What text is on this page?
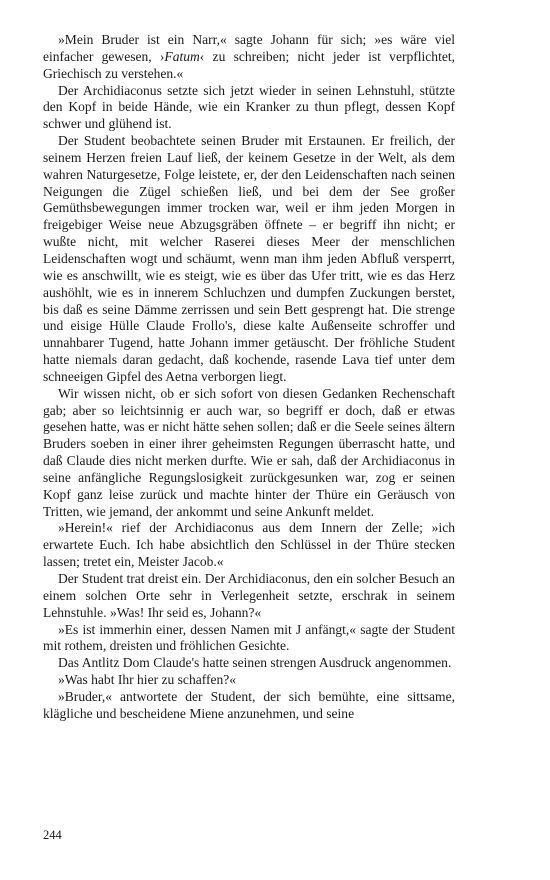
»Mein Bruder ist ein Narr,« sagte Johann für sich; »es wäre viel einfacher gewesen, ›Fatum‹ zu schreiben; nicht jeder ist verpflichtet, Griechisch zu verstehen.«

Der Archidiaconus setzte sich jetzt wieder in seinen Lehnstuhl, stützte den Kopf in beide Hände, wie ein Kranker zu thun pflegt, dessen Kopf schwer und glühend ist.

Der Student beobachtete seinen Bruder mit Erstaunen. Er freilich, der seinem Herzen freien Lauf ließ, der keinem Gesetze in der Welt, als dem wahren Naturgesetze, Folge leistete, er, der den Leidenschaften nach seinen Neigungen die Zügel schießen ließ, und bei dem der See großer Gemüthsbewegungen immer trocken war, weil er ihm jeden Morgen in freigebiger Weise neue Abzugsgräben öffnete – er begriff ihn nicht; er wußte nicht, mit welcher Raserei dieses Meer der menschlichen Leidenschaften wogt und schäumt, wenn man ihm jeden Abfluß versperrt, wie es anschwillt, wie es steigt, wie es über das Ufer tritt, wie es das Herz aushöhlt, wie es in innerem Schluchzen und dumpfen Zuckungen berstet, bis daß es seine Dämme zerrissen und sein Bett gesprengt hat. Die strenge und eisige Hülle Claude Frollo's, diese kalte Außenseite schroffer und unnahbarer Tugend, hatte Johann immer getäuscht. Der fröhliche Student hatte niemals daran gedacht, daß kochende, rasende Lava tief unter dem schneeigen Gipfel des Aetna verborgen liegt.

Wir wissen nicht, ob er sich sofort von diesen Gedanken Rechenschaft gab; aber so leichtsinnig er auch war, so begriff er doch, daß er etwas gesehen hatte, was er nicht hätte sehen sollen; daß er die Seele seines ältern Bruders soeben in einer ihrer geheimsten Regungen überrascht hatte, und daß Claude dies nicht merken durfte. Wie er sah, daß der Archidiaconus in seine anfängliche Regungslosigkeit zurückgesunken war, zog er seinen Kopf ganz leise zurück und machte hinter der Thüre ein Geräusch von Tritten, wie jemand, der ankommt und seine Ankunft meldet.

»Herein!« rief der Archidiaconus aus dem Innern der Zelle; »ich erwartete Euch. Ich habe absichtlich den Schlüssel in der Thüre stecken lassen; tretet ein, Meister Jacob.«

Der Student trat dreist ein. Der Archidiaconus, den ein solcher Besuch an einem solchen Orte sehr in Verlegenheit setzte, erschrak in seinem Lehnstuhle. »Was! Ihr seid es, Johann?«

»Es ist immerhin einer, dessen Namen mit J anfängt,« sagte der Student mit rothem, dreisten und fröhlichen Gesichte.

Das Antlitz Dom Claude's hatte seinen strengen Ausdruck angenommen.

»Was habt Ihr hier zu schaffen?«

»Bruder,« antwortete der Student, der sich bemühte, eine sittsame, klägliche und bescheidene Miene anzunehmen, und seine

244
